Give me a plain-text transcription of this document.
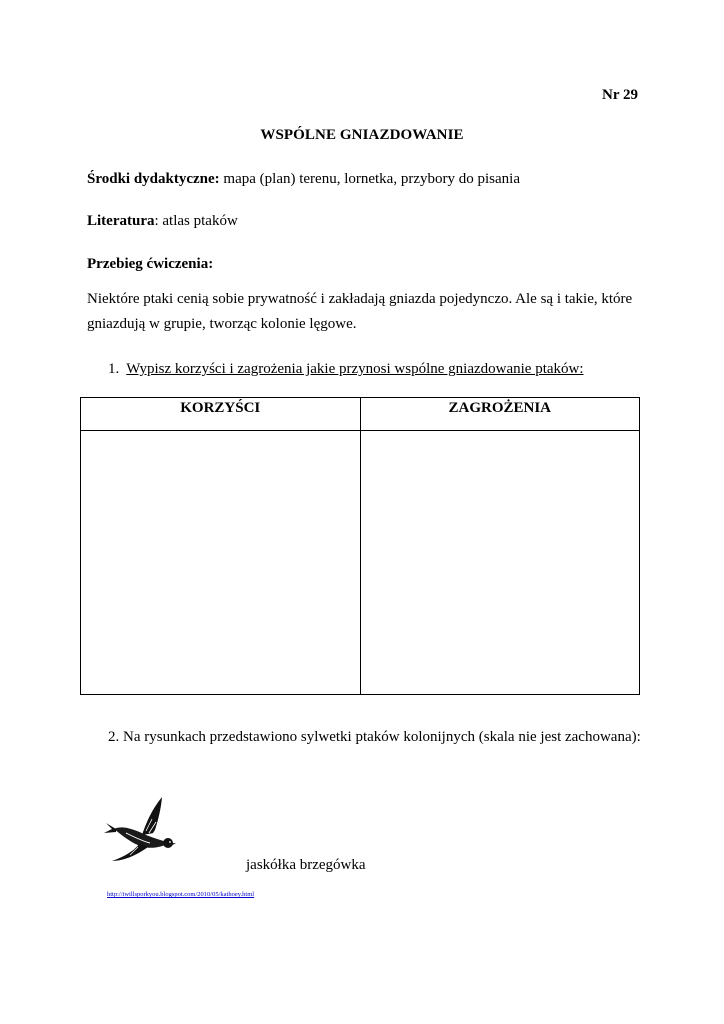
Nr 29
WSPÓLNE GNIAZDOWANIE
Środki dydaktyczne: mapa (plan) terenu, lornetka, przybory do pisania
Literatura: atlas ptaków
Przebieg ćwiczenia:
Niektóre ptaki cenią sobie prywatność i zakładają gniazda pojedynczo. Ale są i takie, które gniazdują w grupie, tworząc kolonie lęgowe.
1. Wypisz korzyści i zagrożenia jakie przynosi wspólne gniazdowanie ptaków:
KORZYŚCI	ZAGROŻENIA

2. Na rysunkach przedstawiono sylwetki ptaków kolonijnych (skala nie jest zachowana):
jaskółka brzegówka
http://iwillsporkyou.blogspot.com/2010/05/kathoey.html
